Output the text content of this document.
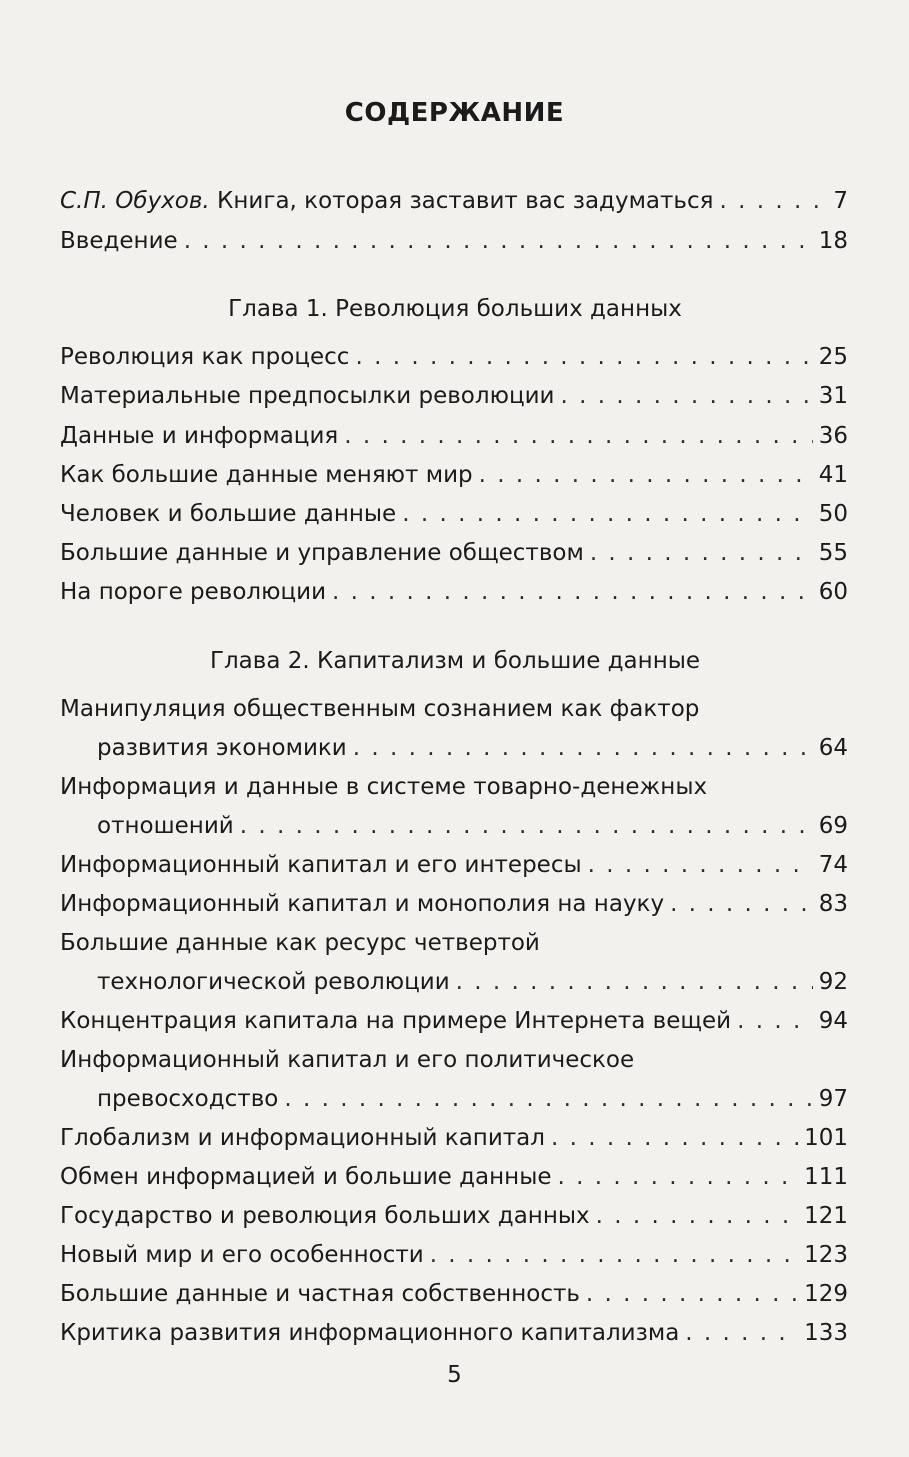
СОДЕРЖАНИЕ
С.П. Обухов. Книга, которая заставит вас задуматься . . .	7
Введение . . .	18
Глава 1. Революция больших данных
Революция как процесс . . .	25
Материальные предпосылки революции . . .	31
Данные и информация . . .	36
Как большие данные меняют мир . . .	41
Человек и большие данные . . .	50
Большие данные и управление обществом . . .	55
На пороге революции . . .	60
Глава 2. Капитализм и большие данные
Манипуляция общественным сознанием как фактор
развития экономики . . .	64
Информация и данные в системе товарно-денежных
отношений . . .	69
Информационный капитал и его интересы . . .	74
Информационный капитал и монополия на науку . . .	83
Большие данные как ресурс четвертой
технологической революции . . .	92
Концентрация капитала на примере Интернета вещей . . .	94
Информационный капитал и его политическое
превосходство . . .	97
Глобализм и информационный капитал . . .	101
Обмен информацией и большие данные . . .	111
Государство и революция больших данных . . .	121
Новый мир и его особенности . . .	123
Большие данные и частная собственность . . .	129
Критика развития информационного капитализма . . .	133
5
